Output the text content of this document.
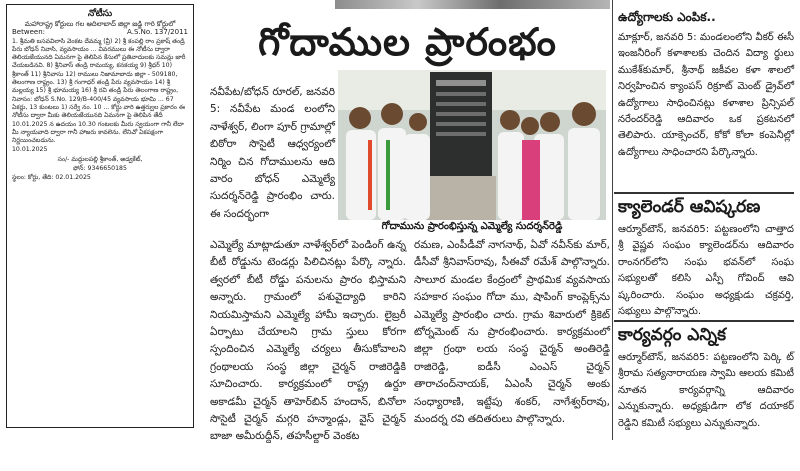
నోటీసు
మహారాష్ట్ర కోర్టులు గల ఆదిలాబాద్ జిల్లా జడ్జి గారి కోర్టులో
Between:	A.S.No. 137/2011

1. శ్రీమతి బసవవిలాసి వెంకట దేవమ్మ (వ్రీ) 2) శ్రీ కంపల్లి రాం ప్రకాష్ తండ్రి పేరు బోధన్ నివాసి, వ్యవసాయం ... వివరములు ఈ నోటీసు ద్వారా తెలియజేయునది ఏమనగా పై తెలిపిన కేసులో ప్రతివాదులకు సమన్లు జారీ చేయబడినవి. 8) శ్రీనివాస్ తండ్రి రామయ్య, కనకయ్య 9) శ్రీధర్ 10) శ్రీకాంత్ 11) శ్రీనివాసు 12) రాములు నిజామాబాదు జిల్లా - 509180, తెలంగాణ రాష్ట్రం. 13) శ్రీ గంగాధర్ తండ్రి పేరు వ్యవసాయం 14) శ్రీ మల్లయ్య 15) శ్రీ భూమయ్య 16) శ్రీ రవి తండ్రి పేరు తెలంగాణ రాష్ట్రం, నివాసం: బోధన్ S.No. 129/B-400/45 వ్యవసాయ భూమి ... 67 ఏకర్లు, 13 కుంటలు 1) సర్వే నం. 10 ... కోర్టు వారి ఉత్తర్వుల ప్రకారం ఈ నోటీసు ద్వారా మీకు తెలియజేయునది ఏమనగా పై తెలిపిన తేదీ 10.01.2025 న ఉదయం 10.30 గంటలకు మీరు స్వయంగా గానీ లేదా మీ న్యాయవాది ద్వారా గానీ హాజరు కావలెను. లేనిచో ఏకపక్షంగా నిర్ణయించబడును.

10.01.2025

సం/- మద్దులపల్లి శ్రీకాంత్, అడ్వకేట్,

ఫోన్: 9346650185

స్థలం: కోర్టు, తేది: 02.01.2025

గోదాముల ప్రారంభం
నవీపేట/బోధన్ రూరల్, జనవరి 5: నవీపేట మండ లంలోని నాళేశ్వర్, లింగా పూర్ గ్రామాల్లో బిఠోరా సొసైటీ ఆధ్వర్యంలో నిర్మిం చిన గోదాములను ఆది వారం బోధన్ ఎమ్మెల్యే సుదర్శన్‌రెడ్డి ప్రారంభిం చారు. ఈ సందర్భంగా
గోదామును ప్రారంభిస్తున్న ఎమ్మెల్యే సుదర్శన్‌రెడ్డి
ఎమ్మెల్యే మాట్లాడుతూ నాళేశ్వర్‌లో పెండింగ్ ఉన్న బీటీ రోడ్డును టెండర్లు పిలిచినట్లు పేర్కొ న్నారు. త్వరలో బీటీ రోడ్డు పనులను ప్రారం భిస్తామని అన్నారు. గ్రామంలో పశువైద్యాధి కారిని నియమిస్తామని ఎమ్మెల్యే హామీ ఇచ్చారు. లైబ్రరీ ఏర్పాటు చేయాలని గ్రామ స్తులు కోరగా స్పందించిన ఎమ్మెల్యే చర్యలు తీసుకోవాలని గ్రంథాలయ సంస్థ జిల్లా చైర్మన్ రాజిరెడ్డికి సూచించారు. కార్యక్రమంలో రాష్ట్ర ఉర్దూ అకాడమీ చైర్మన్ తాహెర్‌బిన్ హందాన్, బినోలా సొసైటీ చైర్మన్ మగ్గరి హన్మాండ్లు, వైస్ చైర్మన్ బాజా అమీరుద్దీన్, తహసీల్దార్ వెంకట
రమణ, ఎంపీడీవో నాగనాథ్, ఏవో నవీన్‌కు మార్, డీసీవో శ్రీనివాస్‌రావు, సీఈవో రమేశ్ పాల్గొన్నారు. సాలూర మండల కేంద్రంలో ప్రాథమిక వ్యవసాయ సహకార సంఘం గోదా ము, షాపింగ్ కాంప్లెక్స్‌ను ఎమ్మెల్యే ప్రారంభిం చారు. గ్రామ శివారులో క్రికెట్ టోర్నమెంట్ ను ప్రారంభించారు. కార్యక్రమంలో జిల్లా గ్రంథా లయ సంస్థ చైర్మన్ అంతిరెడ్డి రాజిరెడ్డి, ఐడీసీ ఎంఎస్ చైర్మన్ తారాచంద్‌నాయక్, ఏఎంసీ చైర్మన్ అంకు సంధ్యారాణి, ఇట్టేపు శంకర్, నాగేశ్వర్‌రావు, మందర్న రవి తదితరులు పాల్గొన్నారు.
ఉద్యోగాలకు ఎంపిక..
మాక్లూర్, జనవరి 5: మండలంలోని వీకర్ ఈసీ ఇంజనీరింగ్ కళాశాలకు చెందిన విద్యా ర్థులు ముకేశ్‌కుమార్, శ్రీనాథ్ జకీవల కళా శాలలో నిర్వహించిన క్యాంపస్ రిక్రూట్ మెంట్ డ్రైవ్‌లో ఉద్యోగాలు సాధించినట్లు కళాశాల ప్రిన్సిపల్ నరేందర్‌రెడ్డి ఆదివారం ఒక ప్రకటనలో తెలిపారు. యాక్సెంచర్, కోకో కోలా కంపెనీల్లో ఉద్యోగాలు సాధించారని పేర్కొన్నారు.
క్యాలెండర్ ఆవిష్కరణ
ఆర్మూర్‌టౌన్, జనవరి5: పట్టణంలోని చాత్తాద శ్రీ వైష్ణవ సంఘం క్యాలెండర్‌ను ఆదివారం రాంనగర్‌లోని సంఘ భవన్‌లో సంఘ సభ్యులతో కలిసి ఎస్పీ గోవింద్ ఆవి ష్కరించారు. సంఘం అధ్యక్షుడు చక్రవర్తి, సభ్యులు పాల్గొన్నారు.
కార్యవర్గం ఎన్నిక
ఆర్మూర్‌టౌన్, జనవరి5: పట్టణంలోని పెర్కి ట్ శ్రీరామ సత్యనారాయణ స్వామి ఆలయ కమిటీ నూతన కార్యవర్గాన్ని ఆదివారం ఎన్నుకున్నారు. అధ్యక్షుడిగా లోక దయాకర్ రెడ్డిని కమిటీ సభ్యులు ఎన్నుకున్నారు.
